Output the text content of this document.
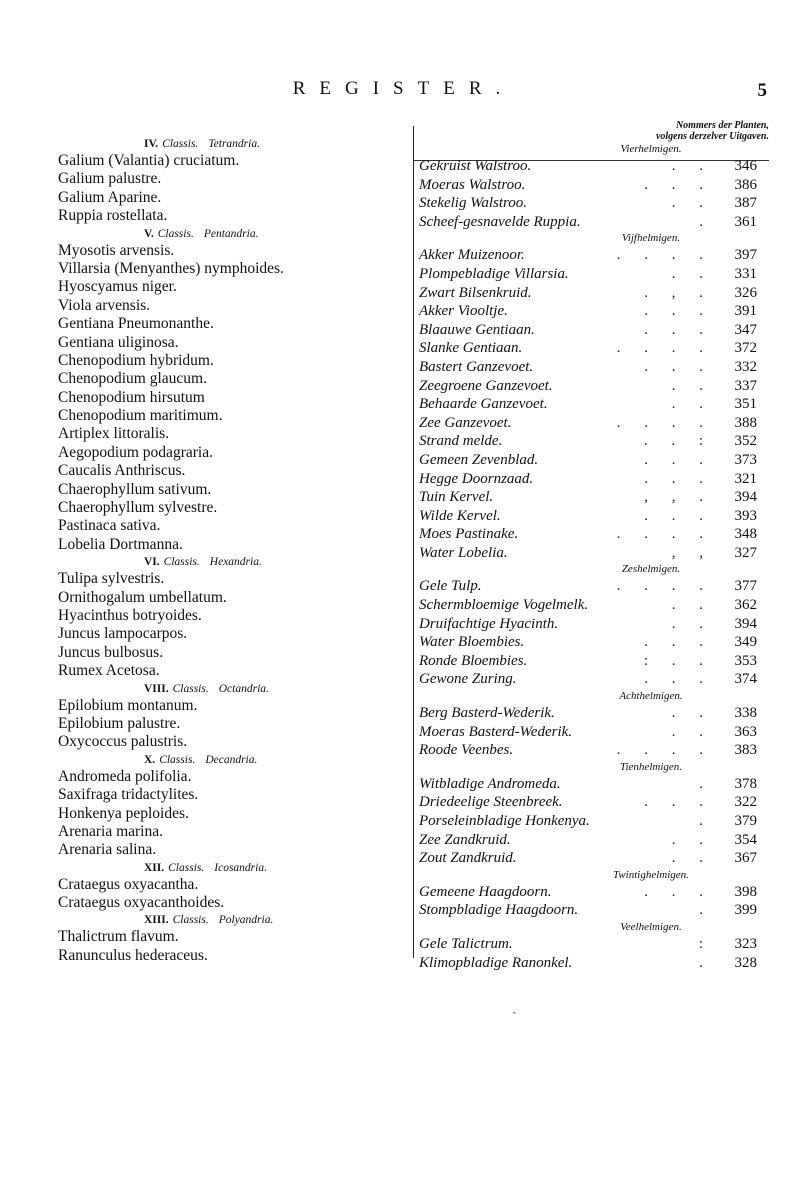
REGISTER.	5
IV. Classis. Tetrandria.
Galium (Valantia) cruciatum.
Galium palustre.
Galium Aparine.
Ruppia rostellata.
V. Classis. Pentandria.
Myosotis arvensis.
Villarsia (Menyanthes) nymphoides.
Hyoscyamus niger.
Viola arvensis.
Gentiana Pneumonanthe.
Gentiana uliginosa.
Chenopodium hybridum.
Chenopodium glaucum.
Chenopodium hirsutum
Chenopodium maritimum.
Artiplex littoralis.
Aegopodium podagraria.
Caucalis Anthriscus.
Chaerophyllum sativum.
Chaerophyllum sylvestre.
Pastinaca sativa.
Lobelia Dortmanna.
VI. Classis. Hexandria.
Tulipa sylvestris.
Ornithogalum umbellatum.
Hyacinthus botryoides.
Juncus lampocarpos.
Juncus bulbosus.
Rumex Acetosa.
VIII. Classis. Octandria.
Epilobium montanum.
Epilobium palustre.
Oxycoccus palustris.
X. Classis. Decandria.
Andromeda polifolia.
Saxifraga tridactylites.
Honkenya peploides.
Arenaria marina.
Arenaria salina.
XII. Classis. Icosandria.
Crataegus oxyacantha.
Crataegus oxyacanthoides.
XIII. Classis. Polyandria.
Thalictrum flavum.
Ranunculus hederaceus.
Nommers der Planten,
volgens derzelver Uitgaven.
Vierhelmigen.
Gekruist Walstroo.	. . 346
Moeras Walstroo.	. . . 386
Stekelig Walstroo.	. . 387
Scheef-gesnavelde Ruppia.	. 361
Vijfhelmigen.
Akker Muizenoor.	. . . . 397
Plompebladige Villarsia.	. . 331
Zwart Bilsenkruid.	. , . 326
Akker Viooltje.	. . . 391
Blaauwe Gentiaan.	. . . 347
Slanke Gentiaan.	. . . . 372
Bastert Ganzevoet.	. . . 332
Zeegroene Ganzevoet.	. . 337
Behaarde Ganzevoet.	. . 351
Zee Ganzevoet.	. . . . 388
Strand melde.	. . : 352
Gemeen Zevenblad.	. . . 373
Hegge Doornzaad.	. . . 321
Tuin Kervel.	, , . 394
Wilde Kervel.	. . . 393
Moes Pastinake.	. . . . 348
Water Lobelia.	, , 327
Zeshelmigen.
Gele Tulp.	. . . . 377
Schermbloemige Vogelmelk.	. . 362
Druifachtige Hyacinth.	. . 394
Water Bloembies.	. . . 349
Ronde Bloembies.	: . . 353
Gewone Zuring.	. . . 374
Achthelmigen.
Berg Basterd-Wederik.	. . 338
Moeras Basterd-Wederik.	. . 363
Roode Veenbes.	. . . . 383
Tienhelmigen.
Witbladige Andromeda.	. 378
Driedeelige Steenbreek.	. . . 322
Porseleinbladige Honkenya.	. 379
Zee Zandkruid.	. . 354
Zout Zandkruid.	. . 367
Twintighelmigen.
Gemeene Haagdoorn.	. . . 398
Stompbladige Haagdoorn.	. 399
Veelhelmigen.
Gele Talictrum.	: 323
Klimopbladige Ranonkel.	. 328
ˏ
